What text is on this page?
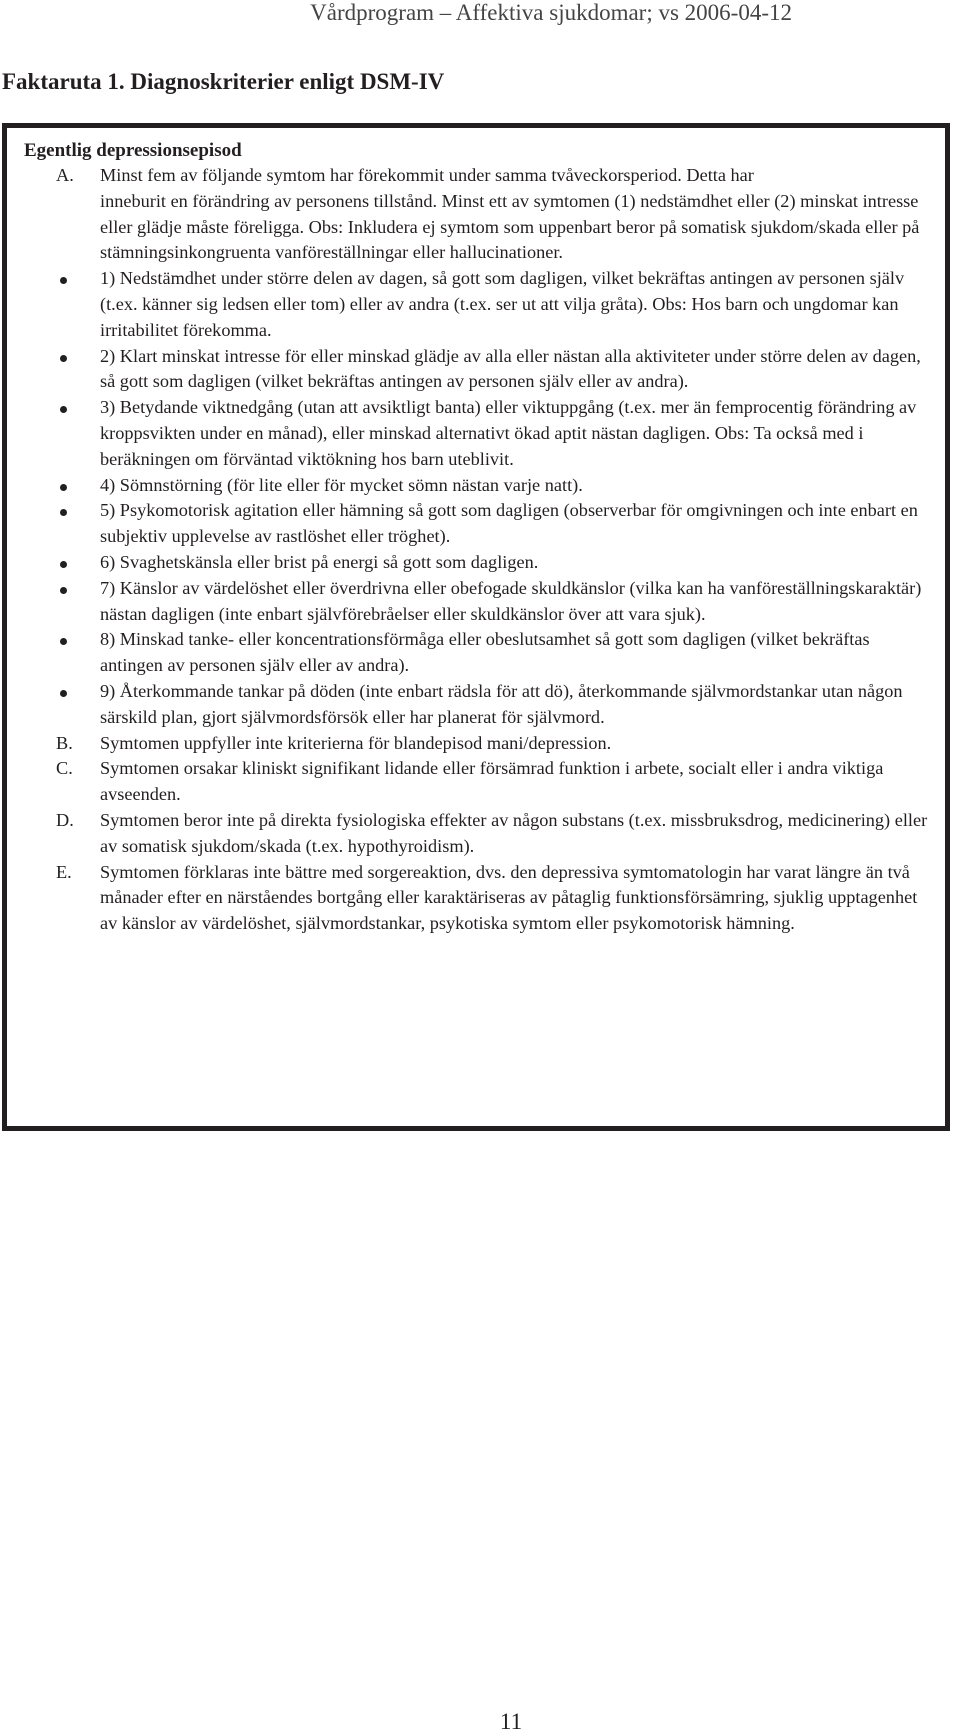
Vårdprogram – Affektiva sjukdomar; vs 2006-04-12
Faktaruta 1. Diagnoskriterier enligt DSM-IV
Egentlig depressionsepisod
A. Minst fem av följande symtom har förekommit under samma tvåveckorsperiod. Detta har
inneburit en förändring av personens tillstånd. Minst ett av symtomen (1) nedstämdhet eller (2) minskat intresse eller glädje måste föreligga. Obs: Inkludera ej symtom som uppenbart beror på somatisk sjukdom/skada eller på stämningsinkongruenta vanföreställningar eller hallucinationer.
1) Nedstämdhet under större delen av dagen, så gott som dagligen, vilket bekräftas antingen av personen själv (t.ex. känner sig ledsen eller tom) eller av andra (t.ex. ser ut att vilja gråta). Obs: Hos barn och ungdomar kan irritabilitet förekomma.
2) Klart minskat intresse för eller minskad glädje av alla eller nästan alla aktiviteter under större delen av dagen, så gott som dagligen (vilket bekräftas antingen av personen själv eller av andra).
3) Betydande viktnedgång (utan att avsiktligt banta) eller viktuppgång (t.ex. mer än femprocentig förändring av kroppsvikten under en månad), eller minskad alternativt ökad aptit nästan dagligen. Obs: Ta också med i beräkningen om förväntad viktökning hos barn uteblivit.
4) Sömnstörning (för lite eller för mycket sömn nästan varje natt).
5) Psykomotorisk agitation eller hämning så gott som dagligen (observerbar för omgivningen och inte enbart en subjektiv upplevelse av rastlöshet eller tröghet).
6) Svaghetskänsla eller brist på energi så gott som dagligen.
7) Känslor av värdelöshet eller överdrivna eller obefogade skuldkänslor (vilka kan ha vanföreställningskaraktär) nästan dagligen (inte enbart självförebråelser eller skuldkänslor över att vara sjuk).
8) Minskad tanke- eller koncentrationsförmåga eller obeslutsamhet så gott som dagligen (vilket bekräftas antingen av personen själv eller av andra).
9) Återkommande tankar på döden (inte enbart rädsla för att dö), återkommande självmordstankar utan någon särskild plan, gjort självmordsförsök eller har planerat för självmord.
B. Symtomen uppfyller inte kriterierna för blandepisod mani/depression.
C. Symtomen orsakar kliniskt signifikant lidande eller försämrad funktion i arbete, socialt eller i andra viktiga avseenden.
D. Symtomen beror inte på direkta fysiologiska effekter av någon substans (t.ex. missbruksdrog, medicinering) eller av somatisk sjukdom/skada (t.ex. hypothyroidism).
E. Symtomen förklaras inte bättre med sorgereaktion, dvs. den depressiva symtomatologin har varat längre än två månader efter en närståendes bortgång eller karaktäriseras av påtaglig funktionsförsämring, sjuklig upptagenhet av känslor av värdelöshet, självmordstankar, psykotiska symtom eller psykomotorisk hämning.
11
